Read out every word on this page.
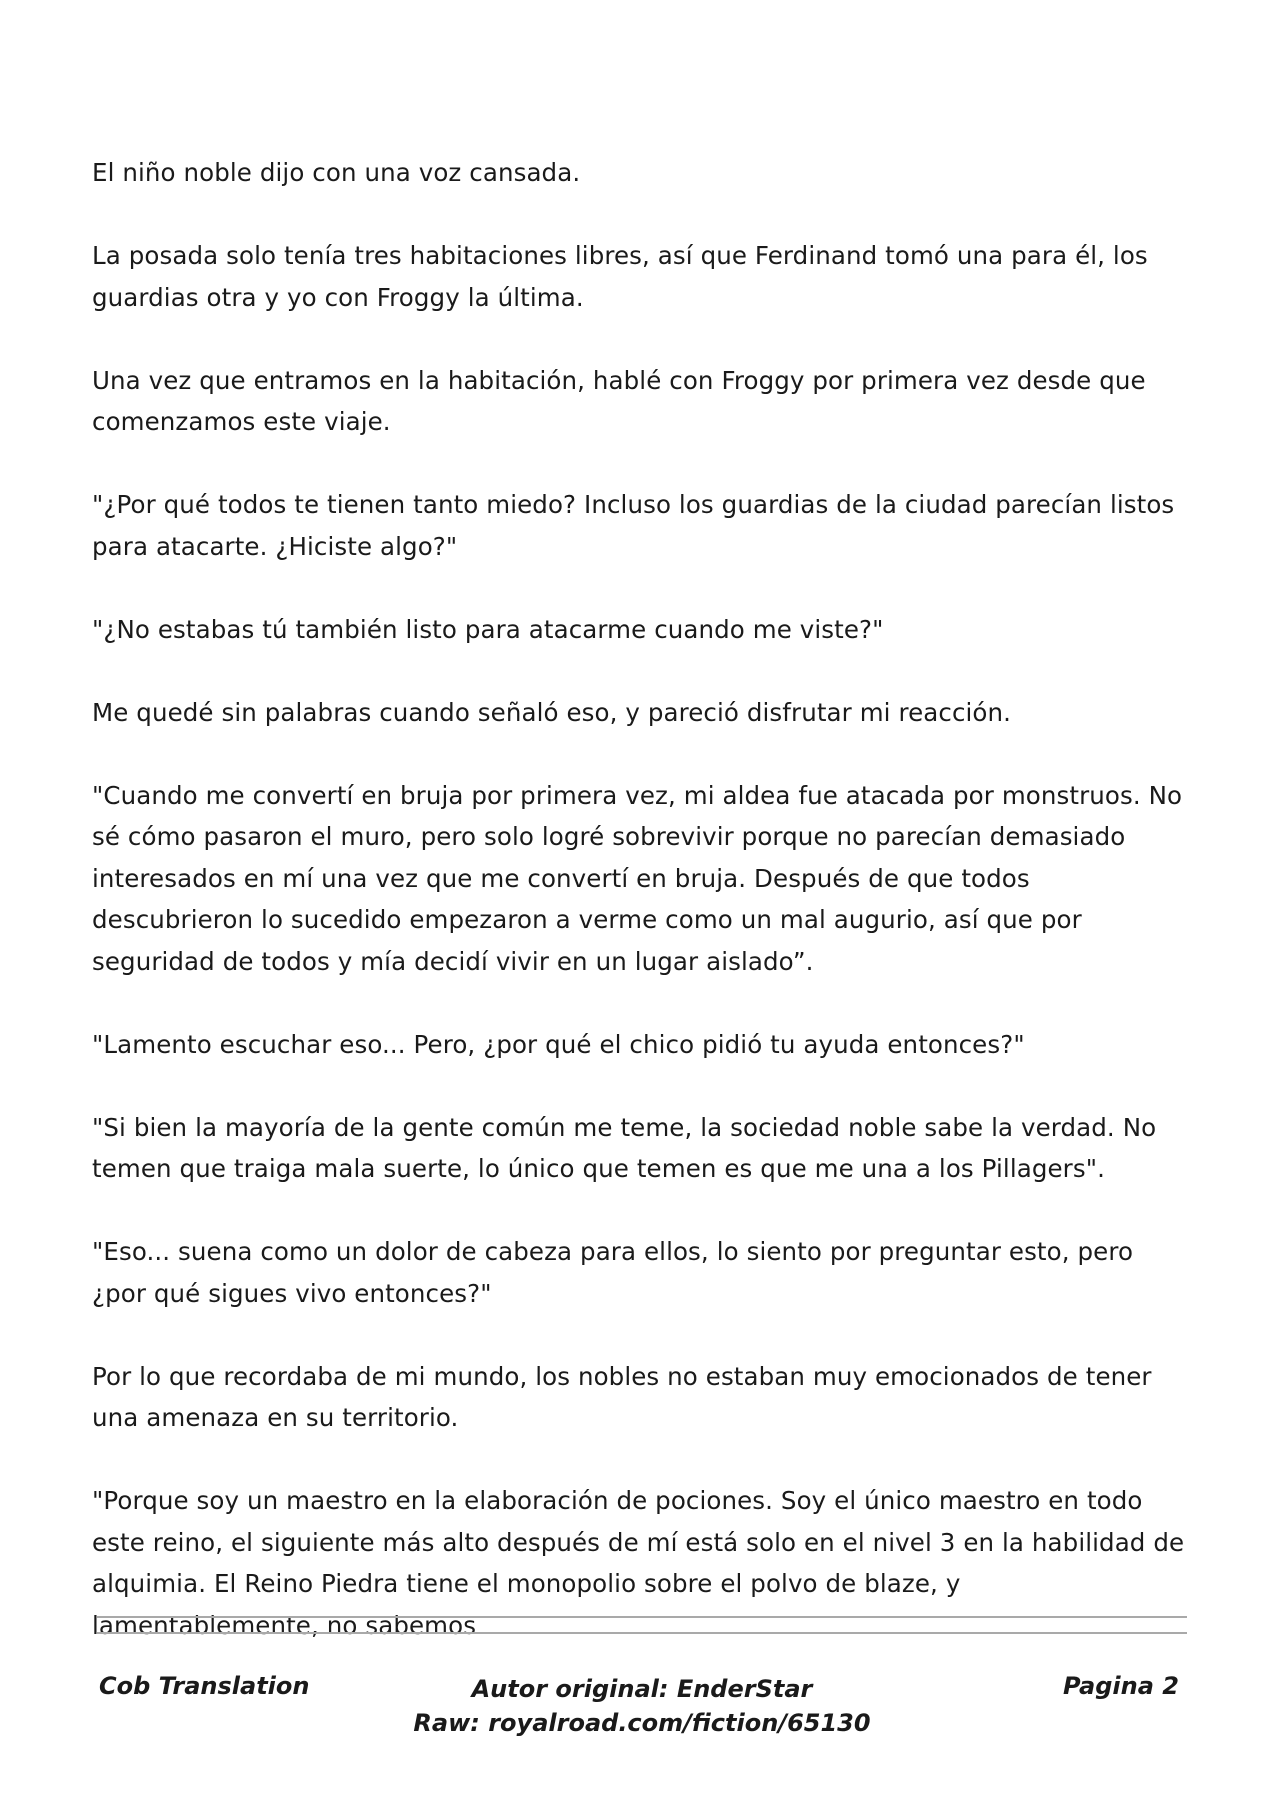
El niño noble dijo con una voz cansada.

La posada solo tenía tres habitaciones libres, así que Ferdinand tomó una para él, los guardias otra y yo con Froggy la última.

Una vez que entramos en la habitación, hablé con Froggy por primera vez desde que comenzamos este viaje.

"¿Por qué todos te tienen tanto miedo? Incluso los guardias de la ciudad parecían listos para atacarte. ¿Hiciste algo?"

"¿No estabas tú también listo para atacarme cuando me viste?"

Me quedé sin palabras cuando señaló eso, y pareció disfrutar mi reacción.

"Cuando me convertí en bruja por primera vez, mi aldea fue atacada por monstruos. No sé cómo pasaron el muro, pero solo logré sobrevivir porque no parecían demasiado interesados en mí una vez que me convertí en bruja. Después de que todos descubrieron lo sucedido empezaron a verme como un mal augurio, así que por seguridad de todos y mía decidí vivir en un lugar aislado”.

"Lamento escuchar eso... Pero, ¿por qué el chico pidió tu ayuda entonces?"

"Si bien la mayoría de la gente común me teme, la sociedad noble sabe la verdad. No temen que traiga mala suerte, lo único que temen es que me una a los Pillagers".

"Eso... suena como un dolor de cabeza para ellos, lo siento por preguntar esto, pero ¿por qué sigues vivo entonces?"

Por lo que recordaba de mi mundo, los nobles no estaban muy emocionados de tener una amenaza en su territorio.

"Porque soy un maestro en la elaboración de pociones. Soy el único maestro en todo este reino, el siguiente más alto después de mí está solo en el nivel 3 en la habilidad de alquimia. El Reino Piedra tiene el monopolio sobre el polvo de blaze, y lamentablemente, no sabemos

Cob Translation	Autor original: EnderStar
Raw: royalroad.com/fiction/65130
Pagina 2
